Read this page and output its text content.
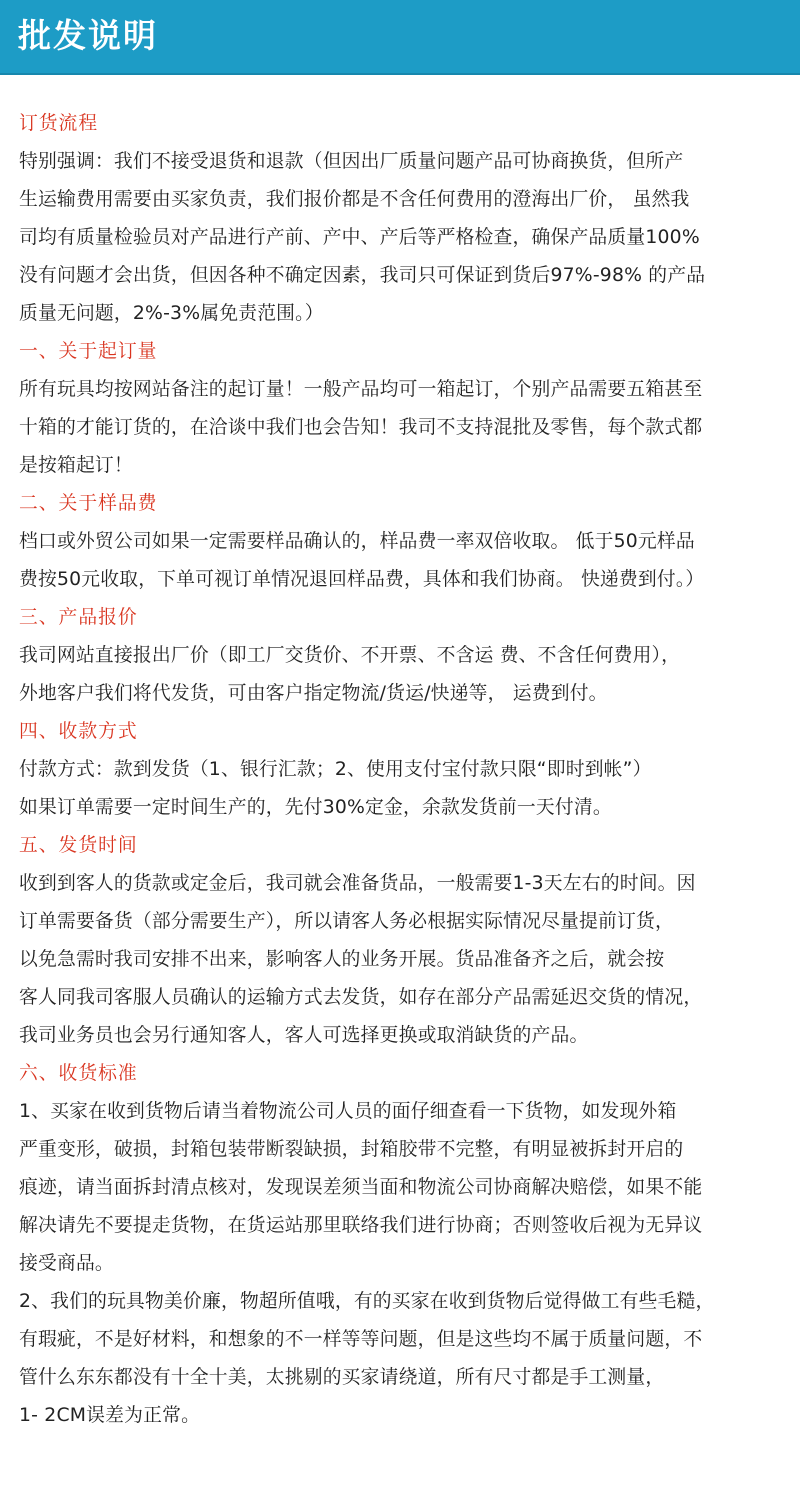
批发说明
订货流程
特别强调：我们不接受退货和退款（但因出厂质量问题产品可协商换货，但所产
生运输费用需要由买家负责，我们报价都是不含任何费用的澄海出厂价， 虽然我
司均有质量检验员对产品进行产前、产中、产后等严格检查，确保产品质量100%
没有问题才会出货，但因各种不确定因素，我司只可保证到货后97%-98% 的产品
质量无问题，2%-3%属免责范围。）
一、关于起订量
所有玩具均按网站备注的起订量！一般产品均可一箱起订，个别产品需要五箱甚至
十箱的才能订货的，在洽谈中我们也会告知！我司不支持混批及零售，每个款式都
是按箱起订！
二、关于样品费
档口或外贸公司如果一定需要样品确认的，样品费一率双倍收取。 低于50元样品
费按50元收取，下单可视订单情况退回样品费，具体和我们协商。 快递费到付。）
三、产品报价
我司网站直接报出厂价（即工厂交货价、不开票、不含运 费、不含任何费用），
外地客户我们将代发货，可由客户指定物流/货运/快递等， 运费到付。
四、收款方式
付款方式：款到发货（1、银行汇款；2、使用支付宝付款只限“即时到帐”）
如果订单需要一定时间生产的，先付30%定金，余款发货前一天付清。
五、发货时间
收到到客人的货款或定金后，我司就会准备货品，一般需要1-3天左右的时间。因
订单需要备货（部分需要生产），所以请客人务必根据实际情况尽量提前订货，
以免急需时我司安排不出来，影响客人的业务开展。货品准备齐之后，就会按
客人同我司客服人员确认的运输方式去发货，如存在部分产品需延迟交货的情况，
我司业务员也会另行通知客人，客人可选择更换或取消缺货的产品。
六、收货标准
1、买家在收到货物后请当着物流公司人员的面仔细查看一下货物，如发现外箱
严重变形，破损，封箱包装带断裂缺损，封箱胶带不完整，有明显被拆封开启的
痕迹，请当面拆封清点核对，发现误差须当面和物流公司协商解决赔偿，如果不能
解决请先不要提走货物，在货运站那里联络我们进行协商；否则签收后视为无异议
接受商品。
2、我们的玩具物美价廉，物超所值哦，有的买家在收到货物后觉得做工有些毛糙，
有瑕疵，不是好材料，和想象的不一样等等问题，但是这些均不属于质量问题，不
管什么东东都没有十全十美，太挑剔的买家请绕道，所有尺寸都是手工测量，
1- 2CM误差为正常。
